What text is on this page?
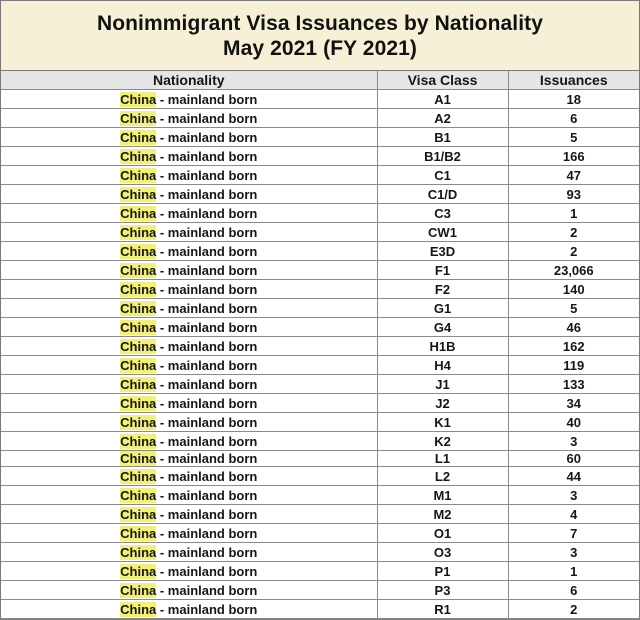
Nonimmigrant Visa Issuances by Nationality
May 2021 (FY 2021)
Nationality	Visa Class	Issuances
China - mainland born	A1	18
China - mainland born	A2	6
China - mainland born	B1	5
China - mainland born	B1/B2	166
China - mainland born	C1	47
China - mainland born	C1/D	93
China - mainland born	C3	1
China - mainland born	CW1	2
China - mainland born	E3D	2
China - mainland born	F1	23,066
China - mainland born	F2	140
China - mainland born	G1	5
China - mainland born	G4	46
China - mainland born	H1B	162
China - mainland born	H4	119
China - mainland born	J1	133
China - mainland born	J2	34
China - mainland born	K1	40
China - mainland born	K2	3
China - mainland born	L1	60
China - mainland born	L2	44
China - mainland born	M1	3
China - mainland born	M2	4
China - mainland born	O1	7
China - mainland born	O3	3
China - mainland born	P1	1
China - mainland born	P3	6
China - mainland born	R1	2
